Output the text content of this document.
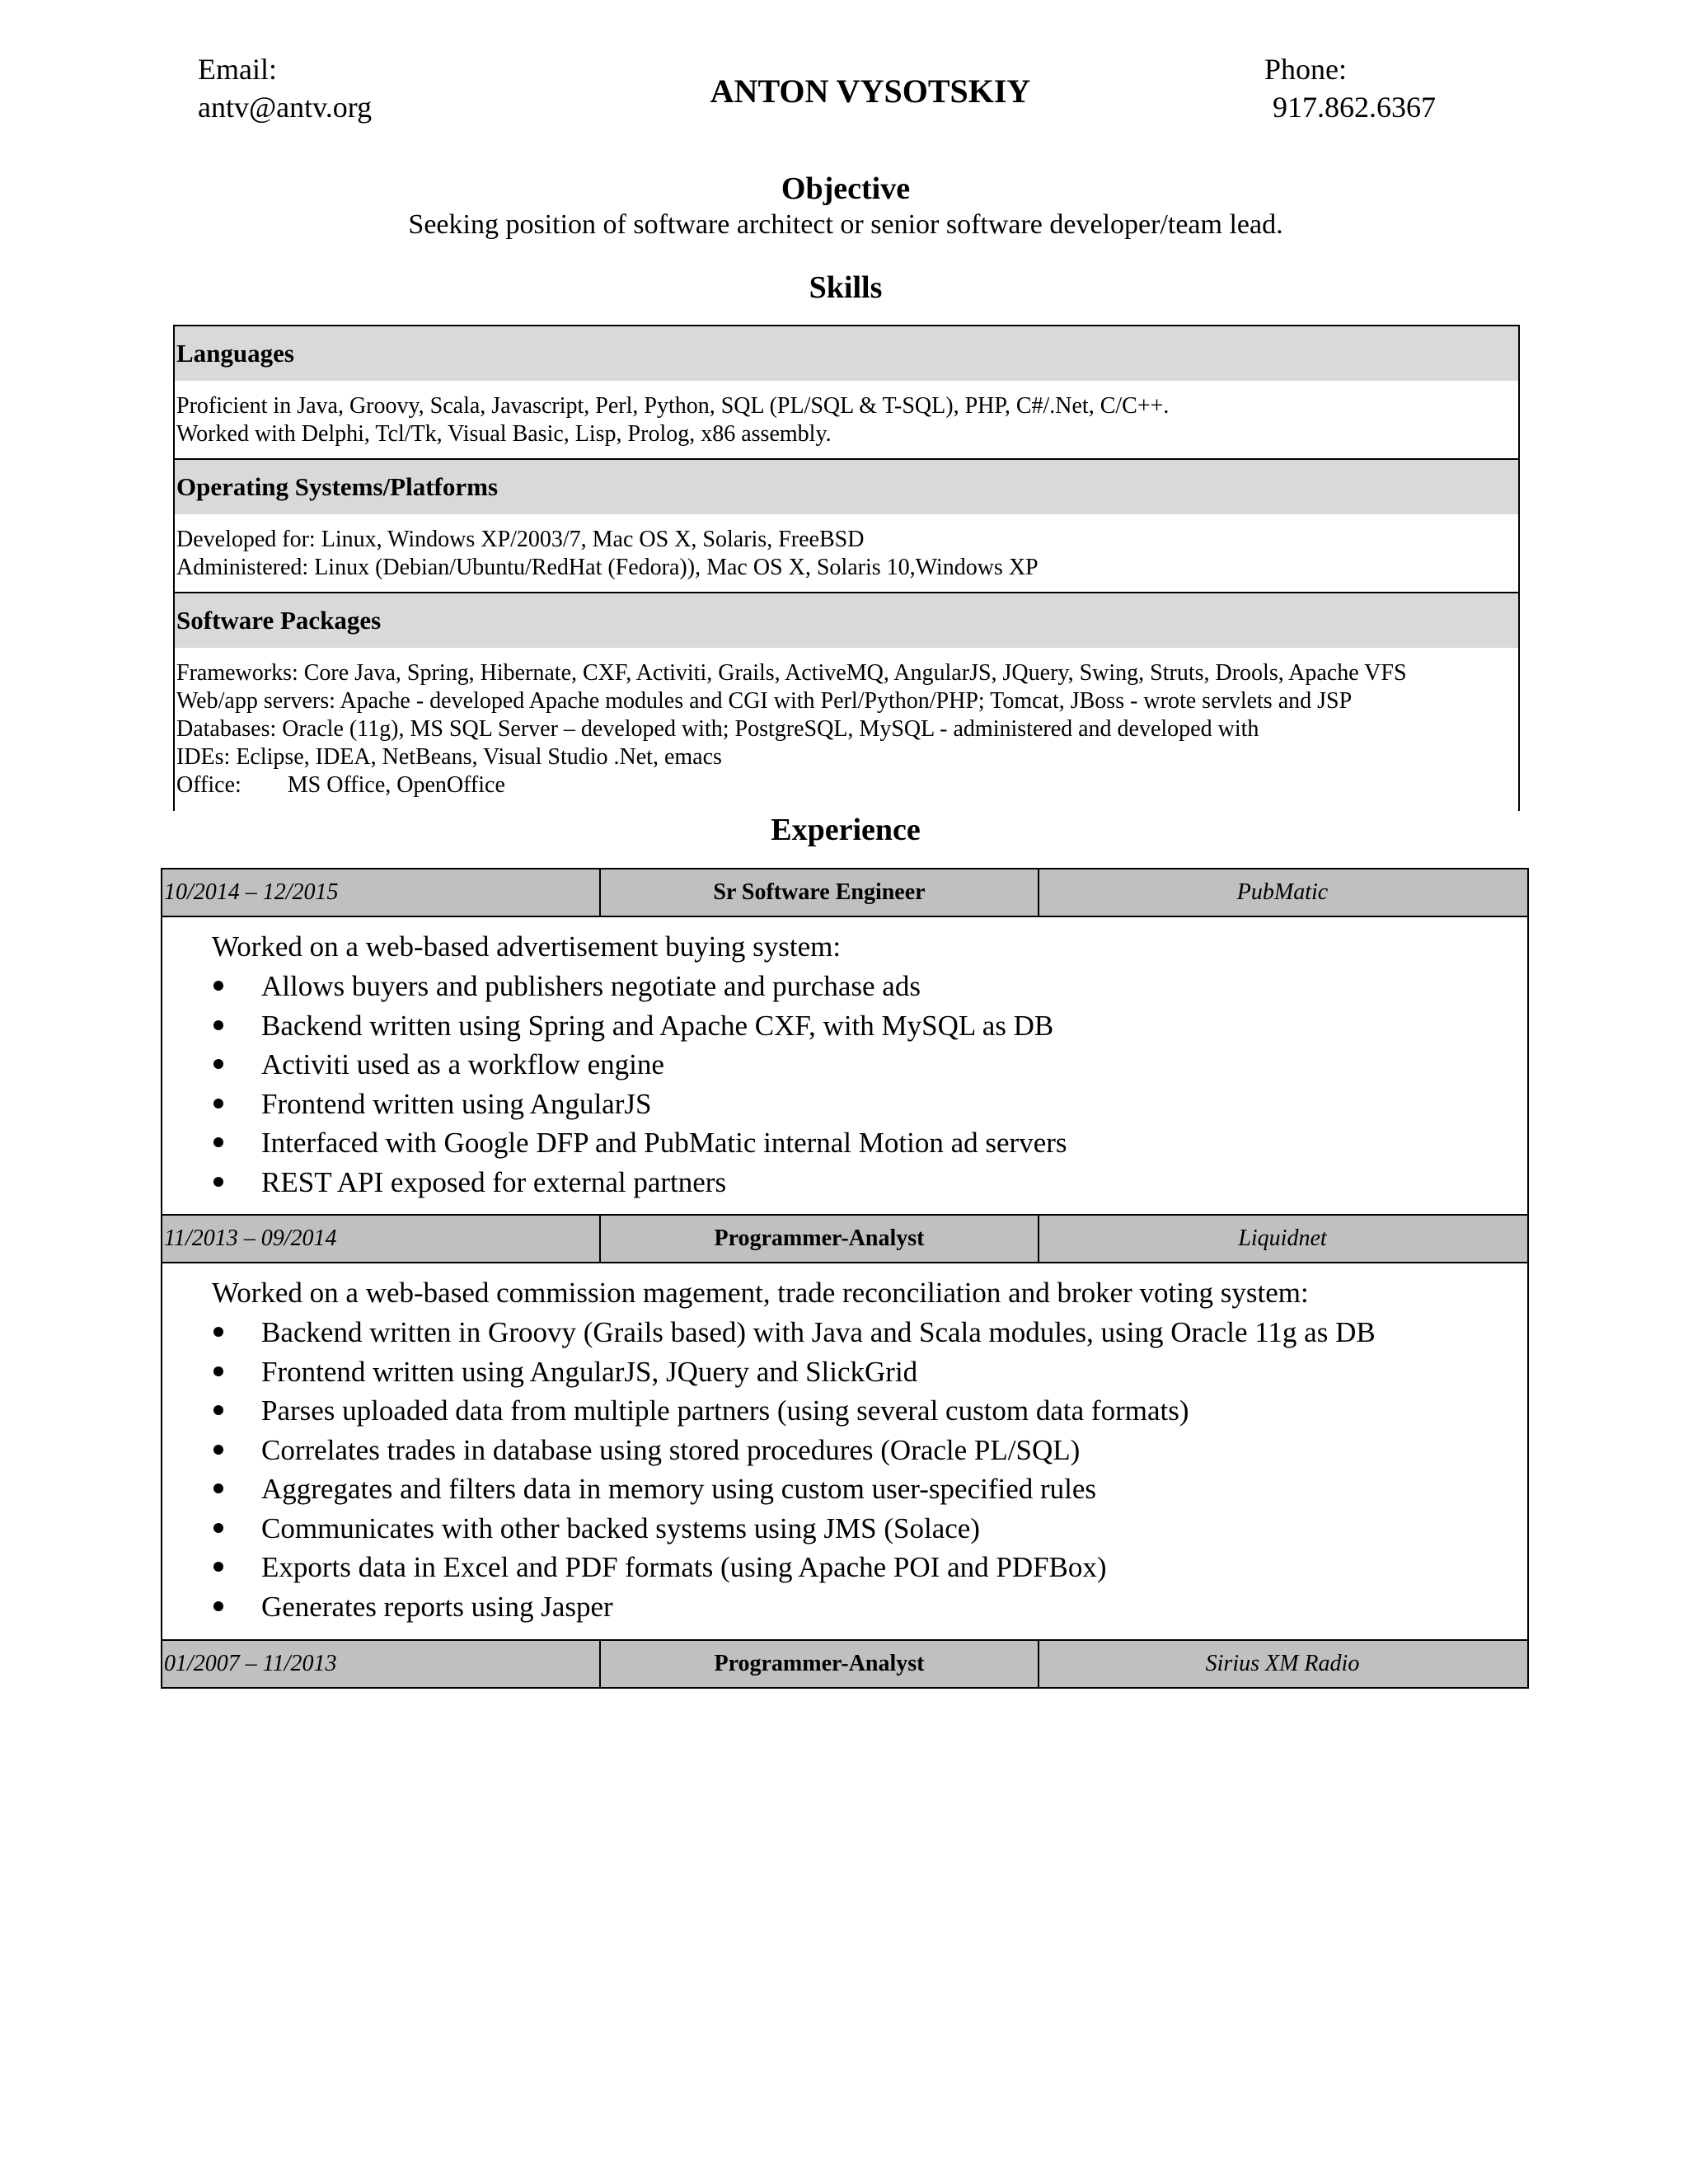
Email:
antv@antv.org	ANTON VYSOTSKIY
Phone:
917.862.6367
Objective
Seeking position of software architect or senior software developer/team lead.
Skills
Languages
Proficient in Java, Groovy, Scala, Javascript, Perl, Python, SQL (PL/SQL & T-SQL), PHP, C#/.Net, C/C++.
Worked with Delphi, Tcl/Tk, Visual Basic, Lisp, Prolog, x86 assembly.
Operating Systems/Platforms
Developed for: Linux, Windows XP/2003/7, Mac OS X, Solaris, FreeBSD
Administered: Linux (Debian/Ubuntu/RedHat (Fedora)), Mac OS X, Solaris 10,Windows XP
Software Packages
Frameworks: Core Java, Spring, Hibernate, CXF, Activiti, Grails, ActiveMQ, AngularJS, JQuery, Swing, Struts, Drools, Apache VFS
Web/app servers: Apache - developed Apache modules and CGI with Perl/Python/PHP; Tomcat, JBoss - wrote servlets and JSP
Databases: Oracle (11g), MS SQL Server – developed with; PostgreSQL, MySQL - administered and developed with
IDEs: Eclipse, IDEA, NetBeans, Visual Studio .Net, emacs
Office:        MS Office, OpenOffice
Experience
10/2014 – 12/2015	Sr Software Engineer	PubMatic
Worked on a web-based advertisement buying system:
Allows buyers and publishers negotiate and purchase ads
Backend written using Spring and Apache CXF, with MySQL as DB
Activiti used as a workflow engine
Frontend written using AngularJS
Interfaced with Google DFP and PubMatic internal Motion ad servers
REST API exposed for external partners
11/2013 – 09/2014	Programmer-Analyst	Liquidnet
Worked on a web-based commission magement, trade reconciliation and broker voting system:
Backend written in Groovy (Grails based) with Java and Scala modules, using Oracle 11g as DB
Frontend written using AngularJS, JQuery and SlickGrid
Parses uploaded data from multiple partners (using several custom data formats)
Correlates trades in database using stored procedures (Oracle PL/SQL)
Aggregates and filters data in memory using custom user-specified rules
Communicates with other backed systems using JMS (Solace)
Exports data in Excel and PDF formats (using Apache POI and PDFBox)
Generates reports using Jasper
01/2007 – 11/2013	Programmer-Analyst	Sirius XM Radio
